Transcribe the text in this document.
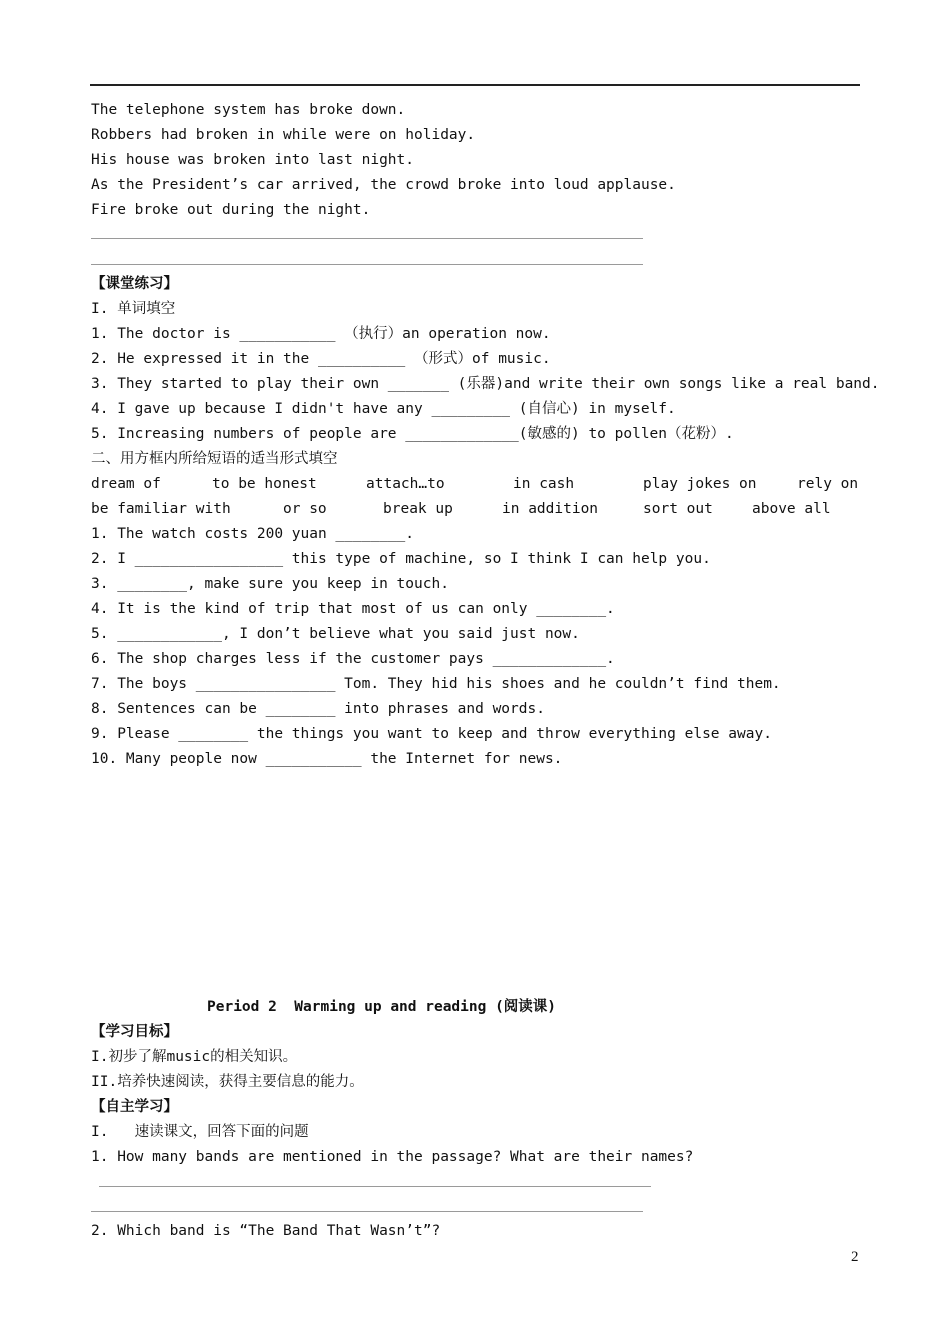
The telephone system has broke down.
Robbers had broken in while were on holiday.
His house was broken into last night.
As the President’s car arrived, the crowd broke into loud applause.
Fire broke out during the night.
【课堂练习】
I. 单词填空
1. The doctor is ___________ （执行）an operation now.
2. He expressed it in the __________ （形式）of music.
3. They started to play their own _______ (乐器)and write their own songs like a real band.
4. I gave up because I didn't have any _________ (自信心) in myself.
5. Increasing numbers of people are _____________(敏感的) to pollen（花粉）.
二、用方框内所给短语的适当形式填空
dream of	to be honest	attach…to	in cash	play jokes on	rely on
be familiar with	or so	break up	in addition	sort out	above all
1. The watch costs 200 yuan ________.
2. I _________________ this type of machine, so I think I can help you.
3. ________, make sure you keep in touch.
4. It is the kind of trip that most of us can only ________.
5. ____________, I don’t believe what you said just now.
6. The shop charges less if the customer pays _____________.
7. The boys ________________ Tom. They hid his shoes and he couldn’t find them.
8. Sentences can be ________ into phrases and words.
9. Please ________ the things you want to keep and throw everything else away.
10. Many people now ___________ the Internet for news.
Period 2  Warming up and reading (阅读课)
【学习目标】
I.初步了解music的相关知识。
II.培养快速阅读，获得主要信息的能力。
【自主学习】
I.   速读课文，回答下面的问题
1. How many bands are mentioned in the passage? What are their names?
2. Which band is “The Band That Wasn’t”?
2
